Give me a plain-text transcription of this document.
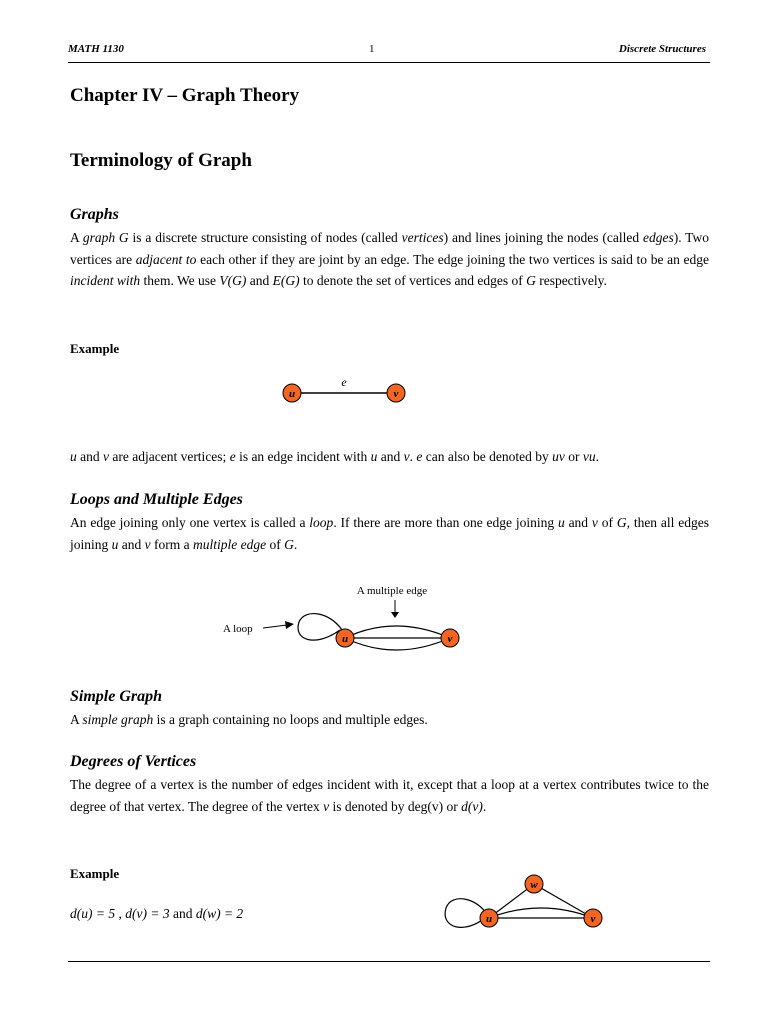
MATH 1130	1	Discrete Structures
Chapter IV – Graph Theory
Terminology of Graph
Graphs
A graph G is a discrete structure consisting of nodes (called vertices) and lines joining the nodes (called edges). Two vertices are adjacent to each other if they are joint by an edge. The edge joining the two vertices is said to be an edge incident with them. We use V(G) and E(G) to denote the set of vertices and edges of G respectively.
Example
e
u	v
u and v are adjacent vertices; e is an edge incident with u and v. e can also be denoted by uv or vu.
Loops and Multiple Edges
An edge joining only one vertex is called a loop. If there are more than one edge joining u and v of G, then all edges joining u and v form a multiple edge of G.
A multiple edge
A loop
u	v
Simple Graph
A simple graph is a graph containing no loops and multiple edges.
Degrees of Vertices
The degree of a vertex is the number of edges incident with it, except that a loop at a vertex contributes twice to the degree of that vertex. The degree of the vertex v is denoted by deg(v) or d(v).
Example
d(u) = 5 , d(v) = 3 and d(w) = 2
w
u	v
